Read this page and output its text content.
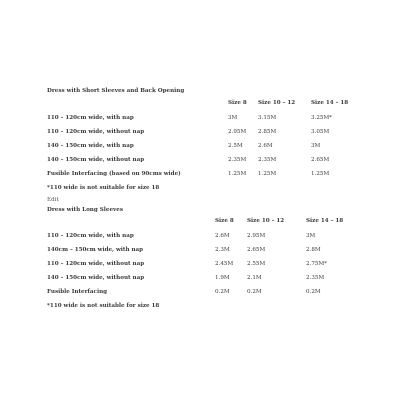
Dress with Short Sleeves and Back Opening
Size 8 Size 10 – 12	Size 14 – 18
110 – 120cm wide, with nap	3M	3.15M	3.25M*
110 – 120cm wide, without nap	2.95M 2.85M	3.05M
140 – 150cm wide, with nap	2.5M	2.6M	3M
140 – 150cm wide, without nap	2.35M 2.35M	2.65M
Fusible Interfacing (based on 90cms wide)	1.25M 1.25M	1.25M
*110 wide is not suitable for size 18
Edit
Dress with Long Sleeves
Size 8 Size 10 – 12	Size 14 – 18
110 – 120cm wide, with nap	2.6M	2.95M	3M
140cm – 150cm wide, with nap	2.3M	2.65M	2.8M
110 – 120cm wide, without nap	2.45M 2.55M	2.75M*
140 – 150cm wide, without nap	1.9M	2.1M	2.35M
Fusible Interfacing	0.2M	0.2M	0.2M
*110 wide is not suitable for size 18
